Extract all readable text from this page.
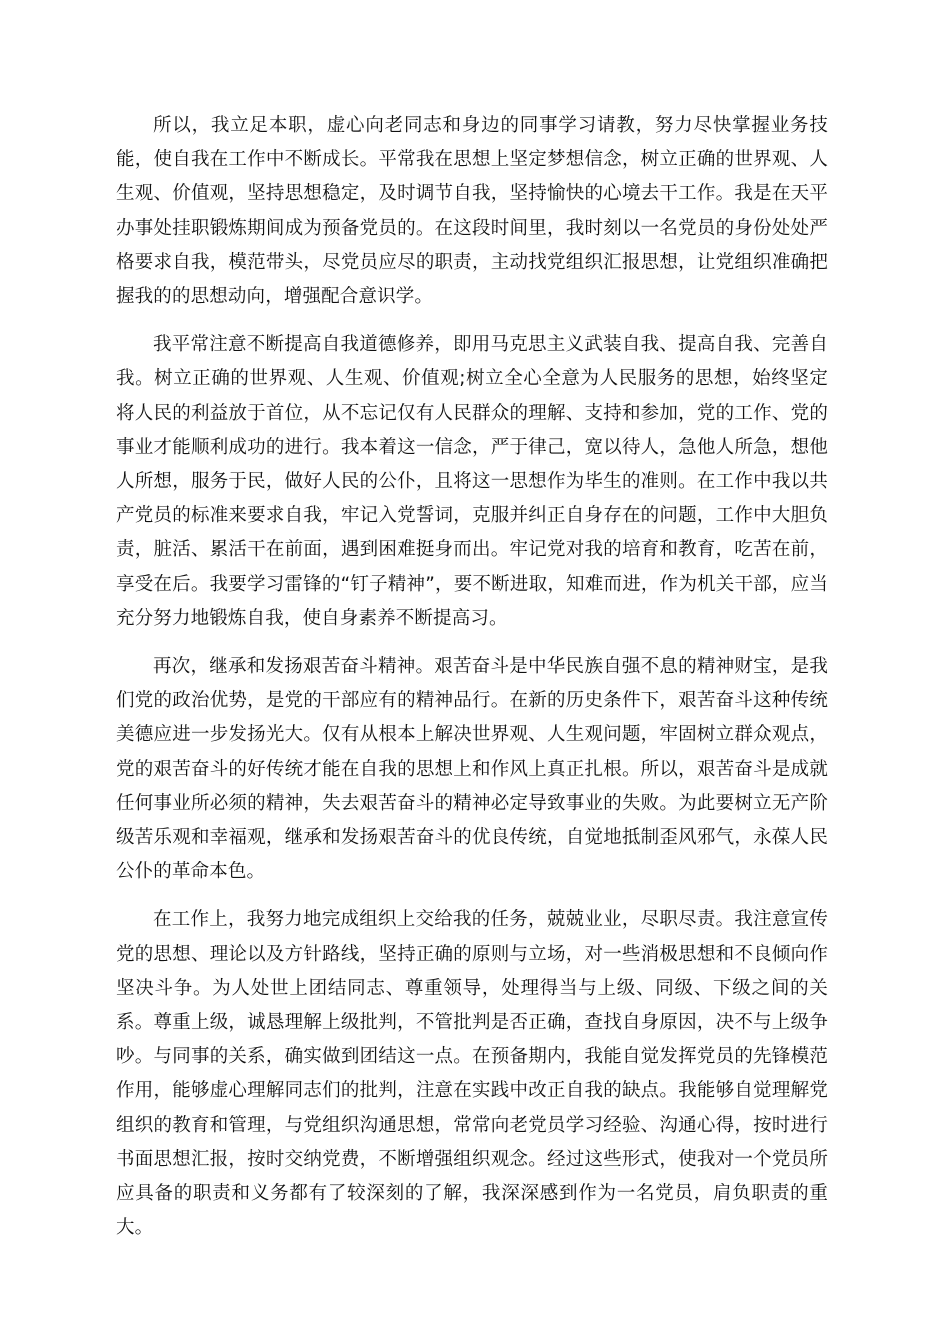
所以，我立足本职，虚心向老同志和身边的同事学习请教，努力尽快掌握业务技能，使自我在工作中不断成长。平常我在思想上坚定梦想信念，树立正确的世界观、人生观、价值观，坚持思想稳定，及时调节自我，坚持愉快的心境去干工作。我是在天平办事处挂职锻炼期间成为预备党员的。在这段时间里，我时刻以一名党员的身份处处严格要求自我，模范带头，尽党员应尽的职责，主动找党组织汇报思想，让党组织准确把握我的的思想动向，增强配合意识学。

我平常注意不断提高自我道德修养，即用马克思主义武装自我、提高自我、完善自我。树立正确的世界观、人生观、价值观;树立全心全意为人民服务的思想，始终坚定将人民的利益放于首位，从不忘记仅有人民群众的理解、支持和参加，党的工作、党的事业才能顺利成功的进行。我本着这一信念，严于律己，宽以待人，急他人所急，想他人所想，服务于民，做好人民的公仆，且将这一思想作为毕生的准则。在工作中我以共产党员的标准来要求自我，牢记入党誓词，克服并纠正自身存在的问题，工作中大胆负责，脏活、累活干在前面，遇到困难挺身而出。牢记党对我的培育和教育，吃苦在前，享受在后。我要学习雷锋的“钉子精神”，要不断进取，知难而进，作为机关干部，应当充分努力地锻炼自我，使自身素养不断提高习。

再次，继承和发扬艰苦奋斗精神。艰苦奋斗是中华民族自强不息的精神财宝，是我们党的政治优势，是党的干部应有的精神品行。在新的历史条件下，艰苦奋斗这种传统美德应进一步发扬光大。仅有从根本上解决世界观、人生观问题，牢固树立群众观点，党的艰苦奋斗的好传统才能在自我的思想上和作风上真正扎根。所以，艰苦奋斗是成就任何事业所必须的精神，失去艰苦奋斗的精神必定导致事业的失败。为此要树立无产阶级苦乐观和幸福观，继承和发扬艰苦奋斗的优良传统，自觉地抵制歪风邪气，永葆人民公仆的革命本色。

在工作上，我努力地完成组织上交给我的任务，兢兢业业，尽职尽责。我注意宣传党的思想、理论以及方针路线，坚持正确的原则与立场，对一些消极思想和不良倾向作坚决斗争。为人处世上团结同志、尊重领导，处理得当与上级、同级、下级之间的关系。尊重上级，诚恳理解上级批判，不管批判是否正确，查找自身原因，决不与上级争吵。与同事的关系，确实做到团结这一点。在预备期内，我能自觉发挥党员的先锋模范作用，能够虚心理解同志们的批判，注意在实践中改正自我的缺点。我能够自觉理解党组织的教育和管理，与党组织沟通思想，常常向老党员学习经验、沟通心得，按时进行书面思想汇报，按时交纳党费，不断增强组织观念。经过这些形式，使我对一个党员所应具备的职责和义务都有了较深刻的了解，我深深感到作为一名党员，肩负职责的重大。
